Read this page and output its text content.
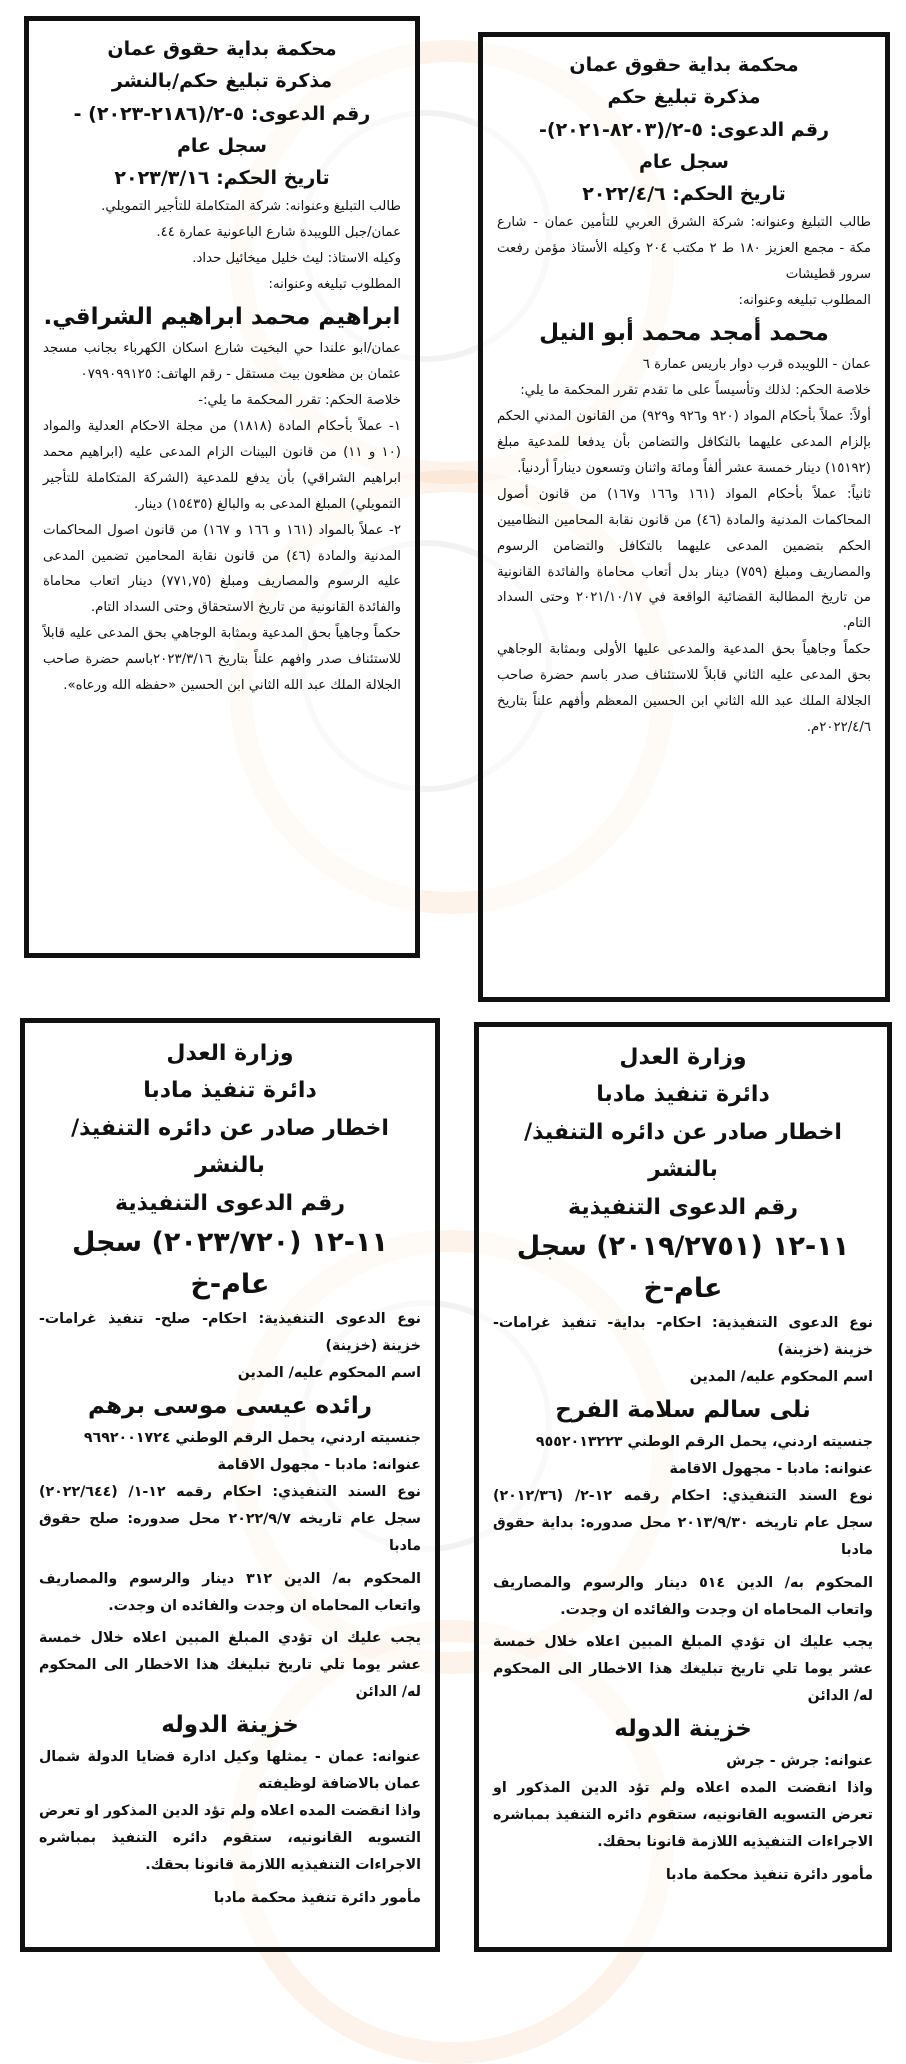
محكمة بداية حقوق عمان
مذكرة تبليغ حكم
رقم الدعوى: ٥-٢/(٨٢٠٣-٢٠٢١)-
سجل عام
تاريخ الحكم: ٢٠٢٢/٤/٦

طالب التبليغ وعنوانه: شركة الشرق العربي للتأمين عمان - شارع مكة - مجمع العزيز ١٨٠ ط ٢ مكتب ٢٠٤ وكيله الأستاذ مؤمن رفعت سرور قطيشات

المطلوب تبليغه وعنوانه:

محمد أمجد محمد أبو النيل

عمان - اللويبده قرب دوار باريس عمارة ٦

خلاصة الحكم: لذلك وتأسيساً على ما تقدم تقرر المحكمة ما يلي:

أولاً: عملاً بأحكام المواد (٩٢٠ و٩٢٦ و٩٢٩) من القانون المدني الحكم بإلزام المدعى عليهما بالتكافل والتضامن بأن يدفعا للمدعية مبلغ (١٥١٩٢) دينار خمسة عشر ألفاً ومائة واثنان وتسعون ديناراً أردنياً.

ثانياً: عملاً بأحكام المواد (١٦١ و١٦٦ و١٦٧) من قانون أصول المحاكمات المدنية والمادة (٤٦) من قانون نقابة المحامين النظاميين الحكم بتضمين المدعى عليهما بالتكافل والتضامن الرسوم والمصاريف ومبلغ (٧٥٩) دينار بدل أتعاب محاماة والفائدة القانونية من تاريخ المطالبة القضائية الواقعة في ٢٠٢١/١٠/١٧ وحتى السداد التام.

حكماً وجاهياً بحق المدعية والمدعى عليها الأولى وبمثابة الوجاهي بحق المدعى عليه الثاني قابلاً للاستئناف صدر باسم حضرة صاحب الجلالة الملك عبد الله الثاني ابن الحسين المعظم وأفهم علناً بتاريخ ٢٠٢٢/٤/٦م.

محكمة بداية حقوق عمان
مذكرة تبليغ حكم/بالنشر
رقم الدعوى: ٥-٢/(٢١٨٦-٢٠٢٣) -
سجل عام
تاريخ الحكم: ٢٠٢٣/٣/١٦

طالب التبليغ وعنوانه: شركة المتكاملة للتأجير التمويلي.

عمان/جبل اللويبدة شارع الباعونية عمارة ٤٤.

وكيله الاستاذ: ليث خليل ميخائيل حداد.

المطلوب تبليغه وعنوانه:

ابراهيم محمد ابراهيم الشراقي.

عمان/ابو علندا حي البخيت شارع اسكان الكهرباء بجانب مسجد عثمان بن مظعون بيت مستقل - رقم الهاتف: ٠٧٩٩٠٩٩١٢٥

خلاصة الحكم: تقرر المحكمة ما يلي:-

١- عملاً بأحكام المادة (١٨١٨) من مجلة الاحكام العدلية والمواد (١٠ و ١١) من قانون البينات الزام المدعى عليه (ابراهيم محمد ابراهيم الشراقي) بأن يدفع للمدعية (الشركة المتكاملة للتأجير التمويلي) المبلغ المدعى به والبالغ (١٥٤٣٥) دينار.

٢- عملاً بالمواد (١٦١ و ١٦٦ و ١٦٧) من قانون اصول المحاكمات المدنية والمادة (٤٦) من قانون نقابة المحامين تضمين المدعى عليه الرسوم والمصاريف ومبلغ (٧٧١,٧٥) دينار اتعاب محاماة والفائدة القانونية من تاريخ الاستحقاق وحتى السداد التام.

حكماً وجاهياً بحق المدعية وبمثابة الوجاهي بحق المدعى عليه قابلاً للاستئناف صدر وافهم علناً بتاريخ ٢٠٢٣/٣/١٦باسم حضرة صاحب الجلالة الملك عبد الله الثاني ابن الحسين «حفظه الله ورعاه».

وزارة العدل
دائرة تنفيذ مادبا
اخطار صادر عن دائره التنفيذ/ بالنشر
رقم الدعوى التنفيذية
١١-١٢ (٢٠١٩/٢٧٥١) سجل عام-خ

نوع الدعوى التنفيذية: احكام- بداية- تنفيذ غرامات- خزينة (خزينة)

اسم المحكوم عليه/ المدين

نلى سالم سلامة الفرح

جنسيته اردني، يحمل الرقم الوطني ٩٥٥٢٠١٣٢٢٣

عنوانه: مادبا - مجهول الاقامة

نوع السند التنفيذي: احكام رقمه ١٢-٢/ (٢٠١٢/٣٦) سجل عام تاريخه ٢٠١٣/٩/٣٠ محل صدوره: بداية حقوق مادبا

المحكوم به/ الدين ٥١٤ دينار والرسوم والمصاريف واتعاب المحاماه ان وجدت والفائده ان وجدت.

يجب عليك ان تؤدي المبلغ المبين اعلاه خلال خمسة عشر يوما تلي تاريخ تبليغك هذا الاخطار الى المحكوم له/ الدائن

خزينة الدوله

عنوانه: جرش - جرش

واذا انقضت المده اعلاه ولم تؤد الدين المذكور او تعرض التسويه القانونيه، ستقوم دائره التنفيذ بمباشره الاجراءات التنفيذيه اللازمة قانونا بحقك.

مأمور دائرة تنفيذ محكمة مادبا

وزارة العدل
دائرة تنفيذ مادبا
اخطار صادر عن دائره التنفيذ/ بالنشر
رقم الدعوى التنفيذية
١١-١٢ (٢٠٢٣/٧٢٠) سجل عام-خ

نوع الدعوى التنفيذية: احكام- صلح- تنفيذ غرامات- خزينة (خزينة)

اسم المحكوم عليه/ المدين

رائده عيسى موسى برهم

جنسيته اردني، يحمل الرقم الوطني ٩٦٩٢٠٠١٧٢٤

عنوانه: مادبا - مجهول الاقامة

نوع السند التنفيذي: احكام رقمه ١٢-١/ (٢٠٢٢/٦٤٤) سجل عام تاريخه ٢٠٢٢/٩/٧ محل صدوره: صلح حقوق مادبا

المحكوم به/ الدين ٣١٢ دينار والرسوم والمصاريف واتعاب المحاماه ان وجدت والفائده ان وجدت.

يجب عليك ان تؤدي المبلغ المبين اعلاه خلال خمسة عشر يوما تلي تاريخ تبليغك هذا الاخطار الى المحكوم له/ الدائن

خزينة الدوله

عنوانه: عمان - يمثلها وكيل ادارة قضايا الدولة شمال عمان بالاضافة لوظيفته

واذا انقضت المده اعلاه ولم تؤد الدين المذكور او تعرض التسويه القانونيه، ستقوم دائره التنفيذ بمباشره الاجراءات التنفيذيه اللازمة قانونا بحقك.

مأمور دائرة تنفيذ محكمة مادبا
